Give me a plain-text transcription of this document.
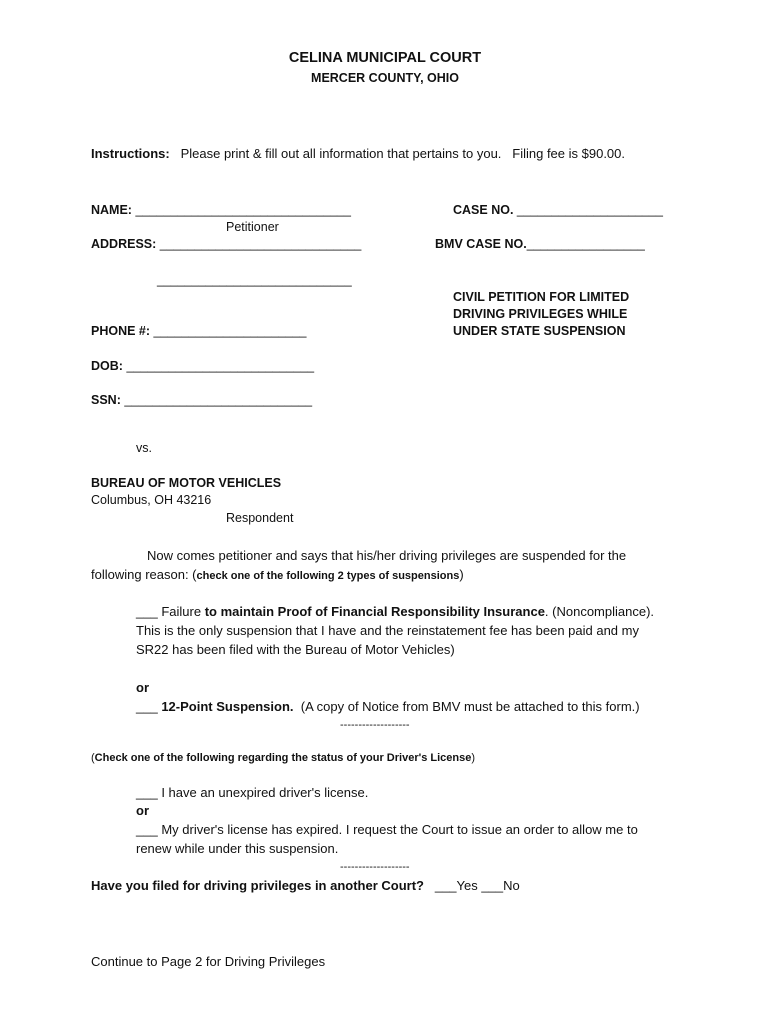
CELINA MUNICIPAL COURT
MERCER COUNTY, OHIO
Instructions: Please print & fill out all information that pertains to you. Filing fee is $90.00.
NAME: _______________________________
Petitioner
ADDRESS: _____________________________
____________________________
PHONE #: ______________________
DOB: ___________________________
SSN: ___________________________
CASE NO. _____________________
BMV CASE NO._________________
CIVIL PETITION FOR LIMITED
DRIVING PRIVILEGES WHILE
UNDER STATE SUSPENSION
vs.
BUREAU OF MOTOR VEHICLES
Columbus, OH 43216
Respondent
Now comes petitioner and says that his/her driving privileges are suspended for the
following reason: (check one of the following 2 types of suspensions)
___ Failure to maintain Proof of Financial Responsibility Insurance. (Noncompliance).
This is the only suspension that I have and the reinstatement fee has been paid and my
SR22 has been filed with the Bureau of Motor Vehicles)
or
___ 12-Point Suspension. (A copy of Notice from BMV must be attached to this form.)
-------------------
(Check one of the following regarding the status of your Driver's License)
___ I have an unexpired driver's license.
or
___ My driver's license has expired. I request the Court to issue an order to allow me to
renew while under this suspension.
-------------------
Have you filed for driving privileges in another Court? ___Yes ___No
Continue to Page 2 for Driving Privileges
